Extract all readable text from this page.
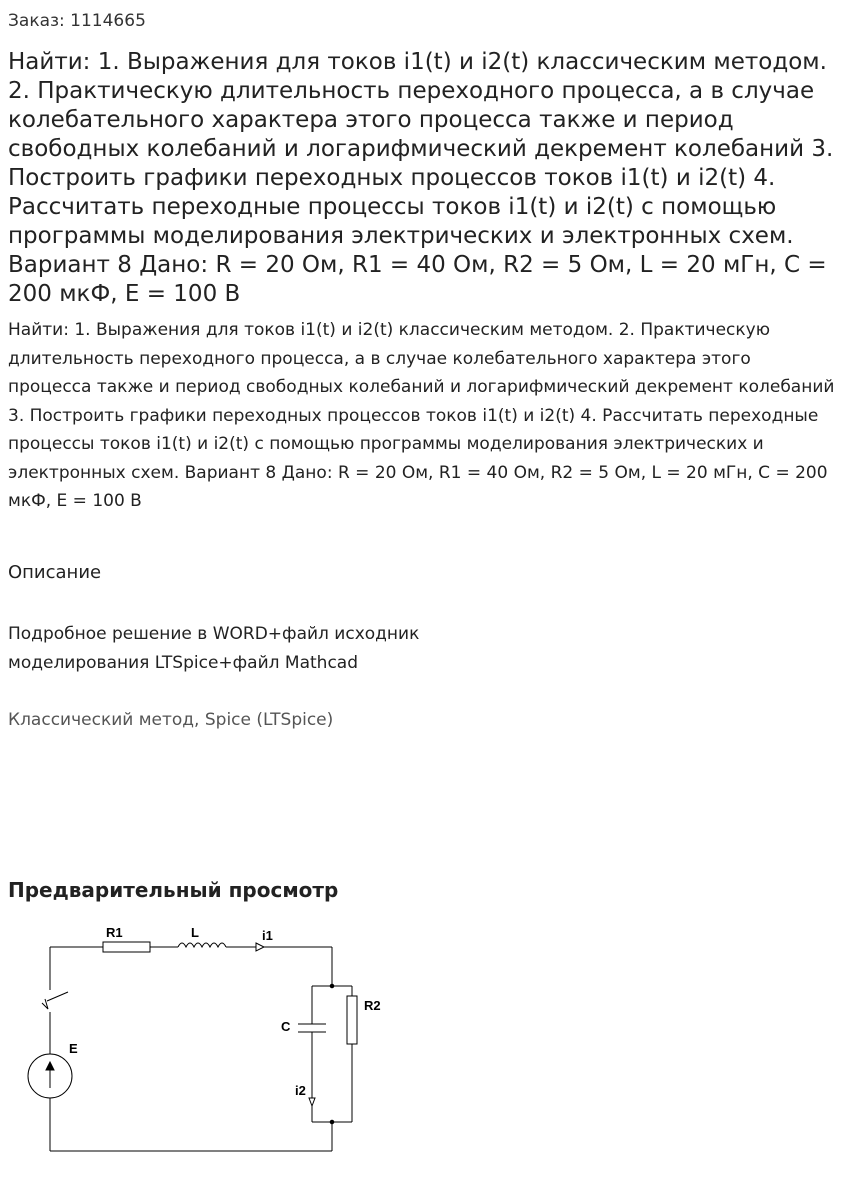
Заказ: 1114665
Найти: 1. Выражения для токов i1(t) и i2(t) классическим методом. 2. Практическую длительность переходного процесса, а в случае колебательного характера этого процесса также и период свободных колебаний и логарифмический декремент колебаний 3. Построить графики переходных процессов токов i1(t) и i2(t) 4. Рассчитать переходные процессы токов i1(t) и i2(t) с помощью программы моделирования электрических и электронных схем. Вариант 8 Дано: R = 20 Ом, R1 = 40 Ом, R2 = 5 Ом, L = 20 мГн, C = 200 мкФ, E = 100 В

Найти: 1. Выражения для токов i1(t) и i2(t) классическим методом. 2. Практическую длительность переходного процесса, а в случае колебательного характера этого процесса также и период свободных колебаний и логарифмический декремент колебаний 3. Построить графики переходных процессов токов i1(t) и i2(t) 4. Рассчитать переходные процессы токов i1(t) и i2(t) с помощью программы моделирования электрических и электронных схем. Вариант 8 Дано: R = 20 Ом, R1 = 40 Ом, R2 = 5 Ом, L = 20 мГн, C = 200 мкФ, E = 100 В

Описание
Подробное решение в WORD+файл исходник
моделирования LTSpice+файл Mathcad
Классический метод, Spice (LTSpice)
Предварительный просмотр
R1	L	i1
R2
C
E
i2
